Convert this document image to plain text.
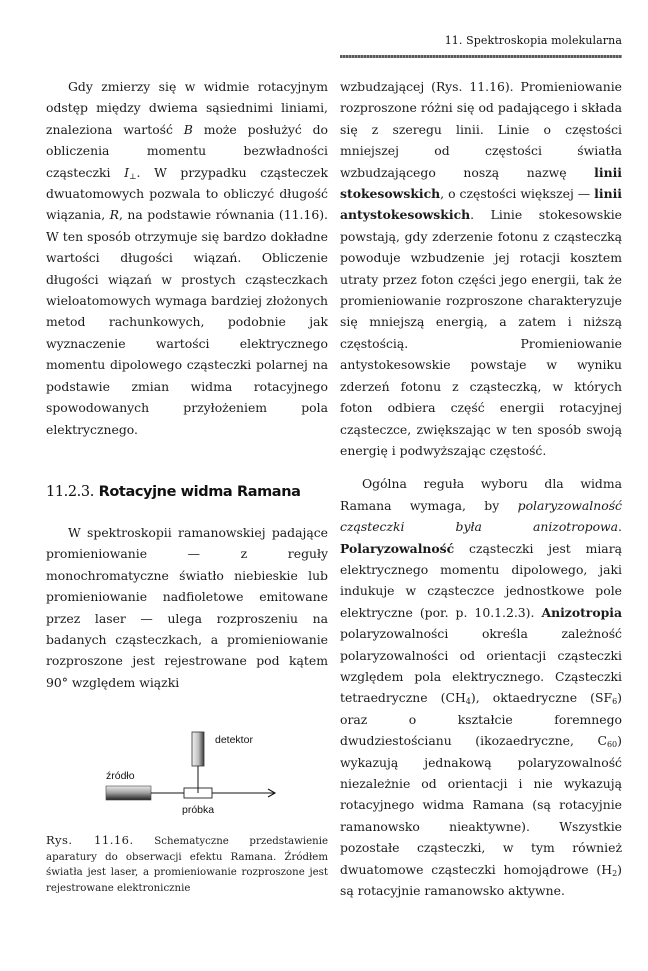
11. Spektroskopia molekularna

Gdy zmierzy się w widmie rotacyjnym odstęp między dwiema sąsiednimi liniami, znaleziona wartość B może posłużyć do obliczenia momentu bezwładności cząsteczki $I_\perp$. W przypadku cząsteczek dwuatomowych pozwala to obliczyć długość wiązania, R, na podstawie równania (11.16). W ten sposób otrzymuje się bardzo dokładne wartości długości wiązań. Obliczenie długości wiązań w prostych cząsteczkach wieloatomowych wymaga bardziej złożonych metod rachunkowych, podobnie jak wyznaczenie wartości elektrycznego momentu dipolowego cząsteczki polarnej na podstawie zmian widma rotacyjnego spowodowanych przyłożeniem pola elektrycznego.

11.2.3. Rotacyjne widma Ramana

W spektroskopii ramanowskiej padające promieniowanie — z reguły monochromatyczne światło niebieskie lub promieniowanie nadfioletowe emitowane przez laser — ulega rozproszeniu na badanych cząsteczkach, a promieniowanie rozproszone jest rejestrowane pod kątem 90° względem wiązki

detektor
źródło
próbka
Rys. 11.16. Schematyczne przedstawienie aparatury do obserwacji efektu Ramana. Źródłem światła jest laser, a promieniowanie rozproszone jest rejestrowane elektronicznie

wzbudzającej (Rys. 11.16). Promieniowanie rozproszone różni się od padającego i składa się z szeregu linii. Linie o częstości mniejszej od częstości światła wzbudzającego noszą nazwę linii stokesowskich, o częstości większej — linii antystokesowskich. Linie stokesowskie powstają, gdy zderzenie fotonu z cząsteczką powoduje wzbudzenie jej rotacji kosztem utraty przez foton części jego energii, tak że promieniowanie rozproszone charakteryzuje się mniejszą energią, a zatem i niższą częstością. Promieniowanie antystokesowskie powstaje w wyniku zderzeń fotonu z cząsteczką, w których foton odbiera część energii rotacyjnej cząsteczce, zwiększając w ten sposób swoją energię i podwyższając częstość.

Ogólna reguła wyboru dla widma Ramana wymaga, by polaryzowalność cząsteczki była anizotropowa. Polaryzowalność cząsteczki jest miarą elektrycznego momentu dipolowego, jaki indukuje w cząsteczce jednostkowe pole elektryczne (por. p. 10.1.2.3). Anizotropia polaryzowalności określa zależność polaryzowalności od orientacji cząsteczki względem pola elektrycznego. Cząsteczki tetraedryczne $(CH_4)$, oktaedryczne $(SF_6)$ oraz o kształcie foremnego dwudziestościanu (ikozaedryczne, $C_{60}$) wykazują jednakową polaryzowalność niezależnie od orientacji i nie wykazują rotacyjnego widma Ramana (są rotacyjnie ramanowsko nieaktywne). Wszystkie pozostałe cząsteczki, w tym również dwuatomowe cząsteczki homojądrowe $(H_2)$ są rotacyjnie ramanowsko aktywne.
